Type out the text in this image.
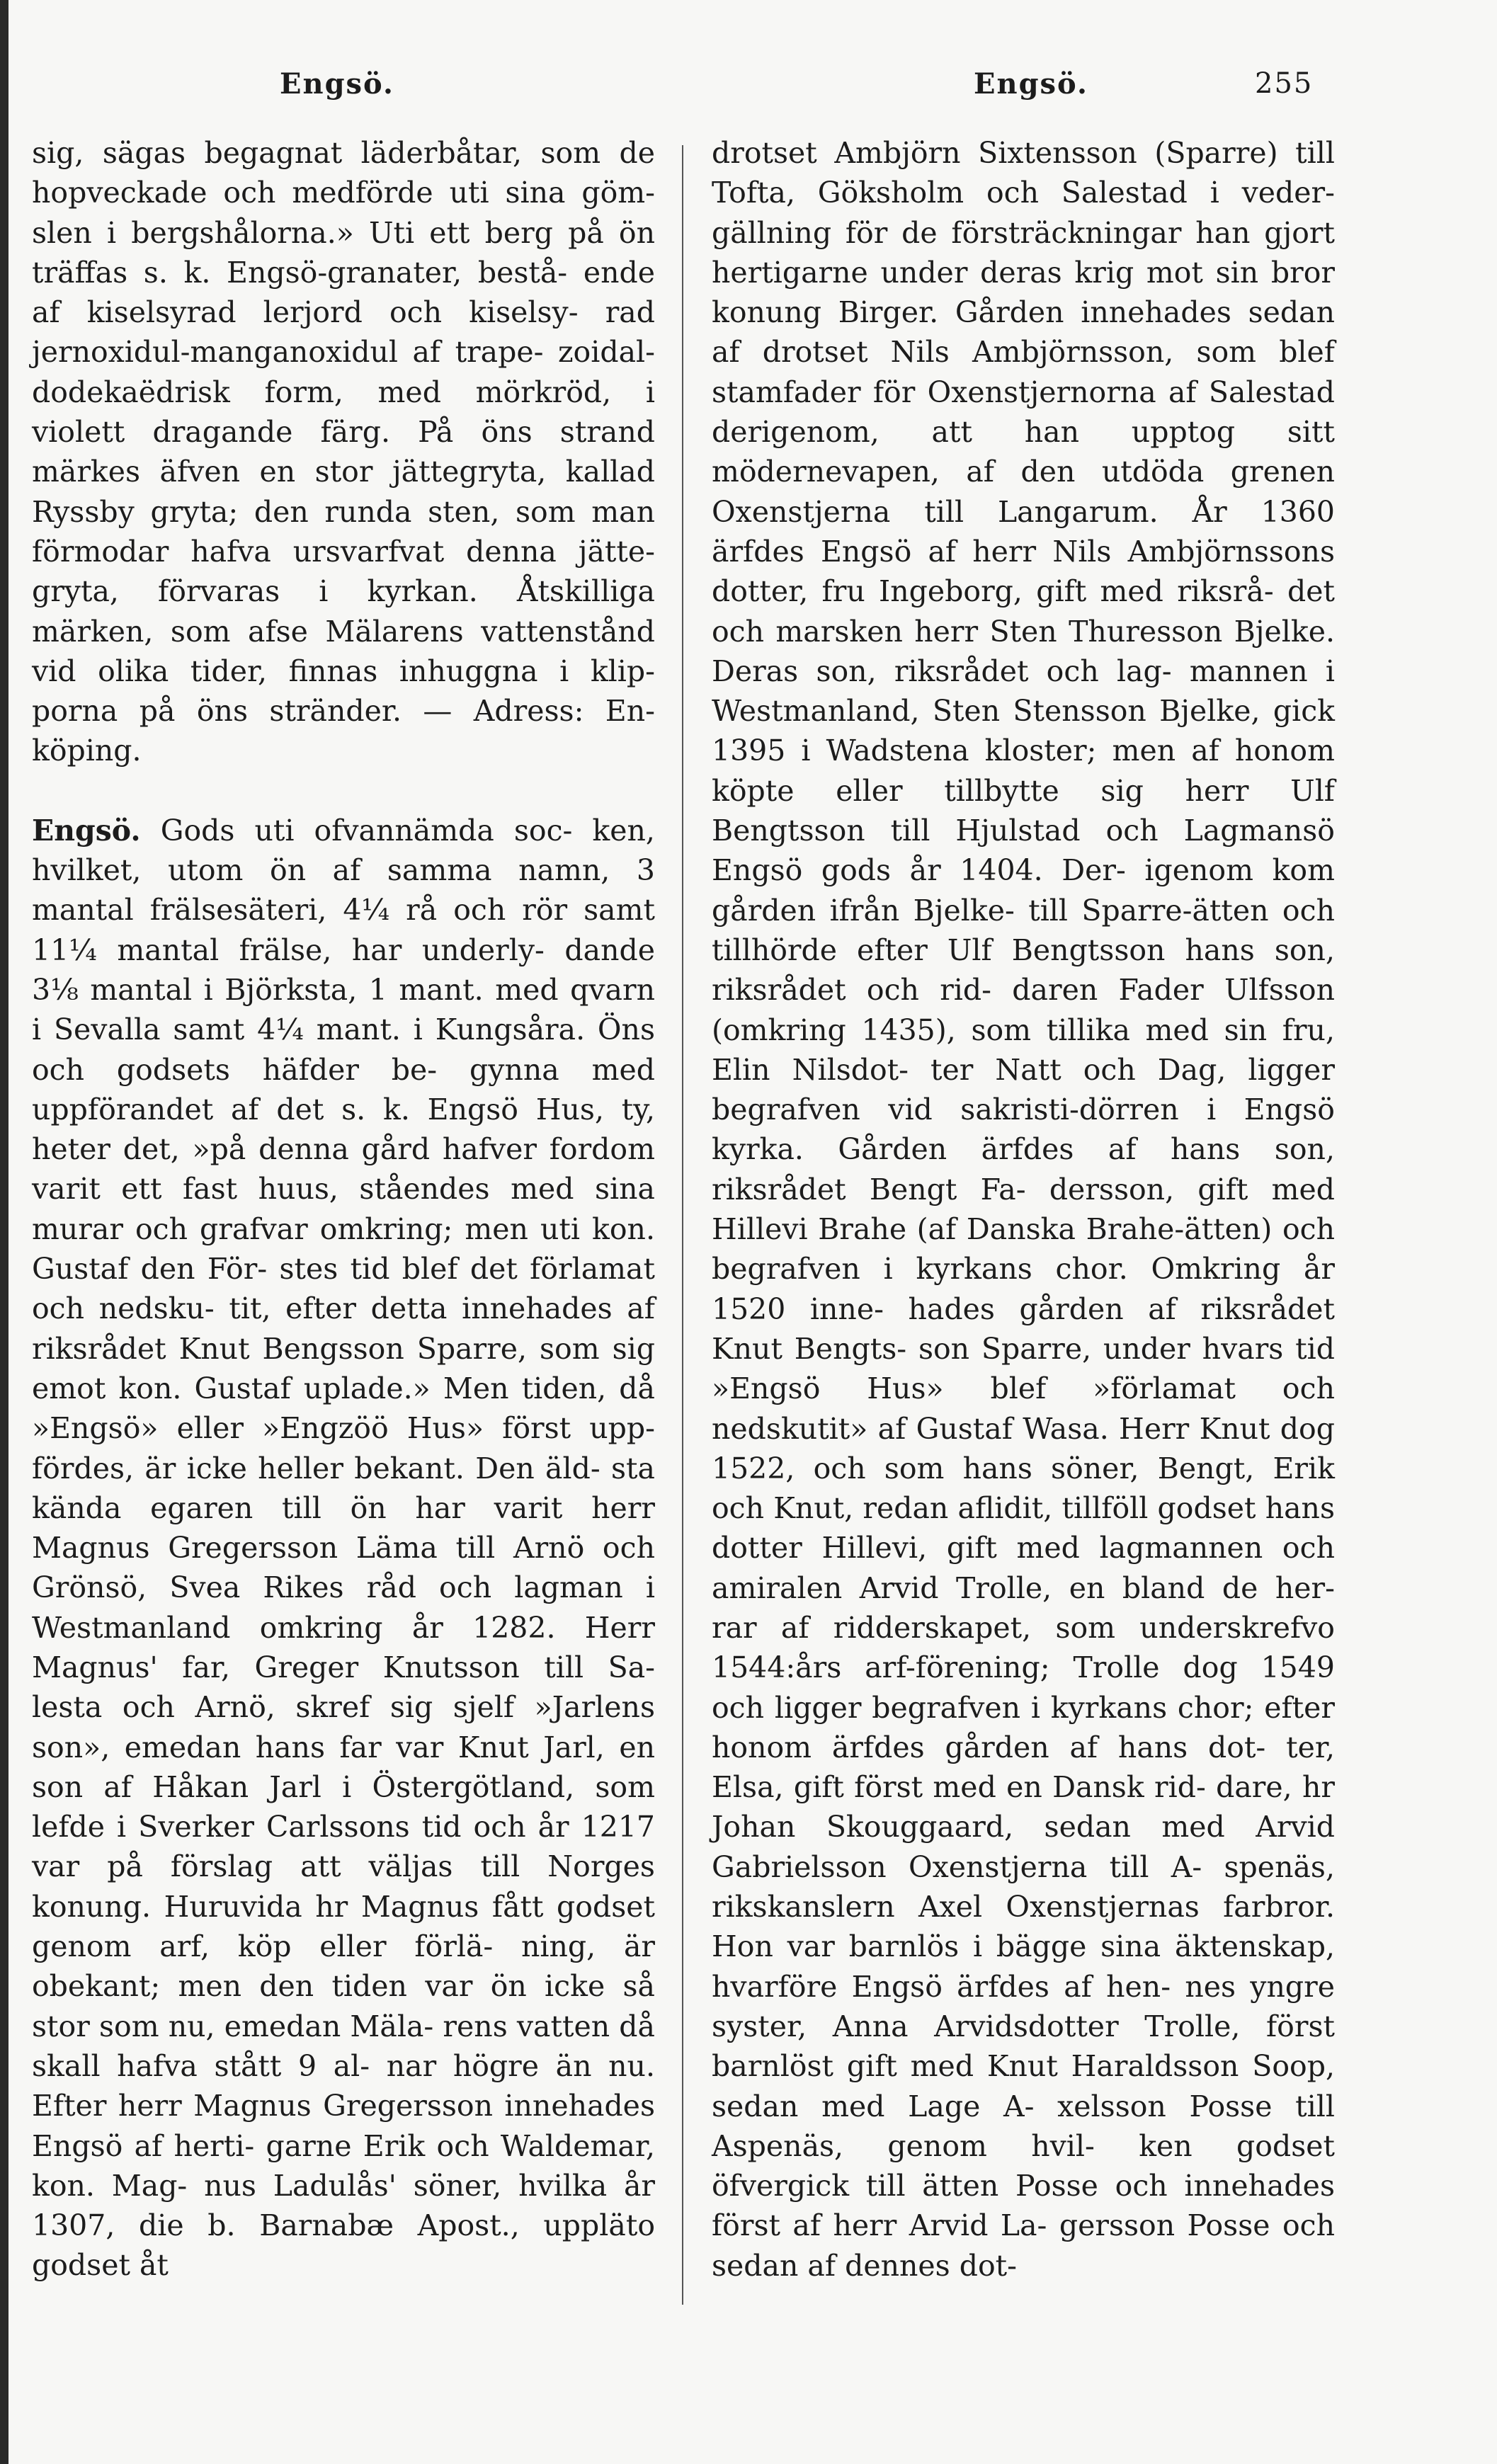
Engsö.	Engsö.	255

sig, sägas begagnat läderbåtar, som de hopveckade och medförde uti sina göm- slen i bergshålorna.» Uti ett berg på ön träffas s. k. Engsö-granater, bestå- ende af kiselsyrad lerjord och kiselsy- rad jernoxidul-manganoxidul af trape- zoidal-dodekaëdrisk form, med mörkröd, i violett dragande färg. På öns strand märkes äfven en stor jättegryta, kallad Ryssby gryta; den runda sten, som man förmodar hafva ursvarfvat denna jätte- gryta, förvaras i kyrkan. Åtskilliga märken, som afse Mälarens vattenstånd vid olika tider, finnas inhuggna i klip- porna på öns stränder. — Adress: En- köping.

Engsö. Gods uti ofvannämda soc- ken, hvilket, utom ön af samma namn, 3 mantal frälsesäteri, 4¼ rå och rör samt 11¼ mantal frälse, har underly- dande 3⅛ mantal i Björksta, 1 mant. med qvarn i Sevalla samt 4¼ mant. i Kungsåra. Öns och godsets häfder be- gynna med uppförandet af det s. k. Engsö Hus, ty, heter det, »på denna gård hafver fordom varit ett fast huus, ståendes med sina murar och grafvar omkring; men uti kon. Gustaf den För- stes tid blef det förlamat och nedsku- tit, efter detta innehades af riksrådet Knut Bengsson Sparre, som sig emot kon. Gustaf uplade.» Men tiden, då »Engsö» eller »Engzöö Hus» först upp- fördes, är icke heller bekant. Den äld- sta kända egaren till ön har varit herr Magnus Gregersson Läma till Arnö och Grönsö, Svea Rikes råd och lagman i Westmanland omkring år 1282. Herr Magnus' far, Greger Knutsson till Sa- lesta och Arnö, skref sig sjelf »Jarlens son», emedan hans far var Knut Jarl, en son af Håkan Jarl i Östergötland, som lefde i Sverker Carlssons tid och år 1217 var på förslag att väljas till Norges konung. Huruvida hr Magnus fått godset genom arf, köp eller förlä- ning, är obekant; men den tiden var ön icke så stor som nu, emedan Mäla- rens vatten då skall hafva stått 9 al- nar högre än nu. Efter herr Magnus Gregersson innehades Engsö af herti- garne Erik och Waldemar, kon. Mag- nus Ladulås' söner, hvilka år 1307, die b. Barnabæ Apost., uppläto godset åt

drotset Ambjörn Sixtensson (Sparre) till Tofta, Göksholm och Salestad i veder- gällning för de försträckningar han gjort hertigarne under deras krig mot sin bror konung Birger. Gården innehades sedan af drotset Nils Ambjörnsson, som blef stamfader för Oxenstjernorna af Salestad derigenom, att han upptog sitt mödernevapen, af den utdöda grenen Oxenstjerna till Langarum. År 1360 ärfdes Engsö af herr Nils Ambjörnssons dotter, fru Ingeborg, gift med riksrå- det och marsken herr Sten Thuresson Bjelke. Deras son, riksrådet och lag- mannen i Westmanland, Sten Stensson Bjelke, gick 1395 i Wadstena kloster; men af honom köpte eller tillbytte sig herr Ulf Bengtsson till Hjulstad och Lagmansö Engsö gods år 1404. Der- igenom kom gården ifrån Bjelke- till Sparre-ätten och tillhörde efter Ulf Bengtsson hans son, riksrådet och rid- daren Fader Ulfsson (omkring 1435), som tillika med sin fru, Elin Nilsdot- ter Natt och Dag, ligger begrafven vid sakristi-dörren i Engsö kyrka. Gården ärfdes af hans son, riksrådet Bengt Fa- dersson, gift med Hillevi Brahe (af Danska Brahe-ätten) och begrafven i kyrkans chor. Omkring år 1520 inne- hades gården af riksrådet Knut Bengts- son Sparre, under hvars tid »Engsö Hus» blef »förlamat och nedskutit» af Gustaf Wasa. Herr Knut dog 1522, och som hans söner, Bengt, Erik och Knut, redan aflidit, tillföll godset hans dotter Hillevi, gift med lagmannen och amiralen Arvid Trolle, en bland de her- rar af ridderskapet, som underskrefvo 1544:års arf-förening; Trolle dog 1549 och ligger begrafven i kyrkans chor; efter honom ärfdes gården af hans dot- ter, Elsa, gift först med en Dansk rid- dare, hr Johan Skouggaard, sedan med Arvid Gabrielsson Oxenstjerna till A- spenäs, rikskanslern Axel Oxenstjernas farbror. Hon var barnlös i bägge sina äktenskap, hvarföre Engsö ärfdes af hen- nes yngre syster, Anna Arvidsdotter Trolle, först barnlöst gift med Knut Haraldsson Soop, sedan med Lage A- xelsson Posse till Aspenäs, genom hvil- ken godset öfvergick till ätten Posse och innehades först af herr Arvid La- gersson Posse och sedan af dennes dot-
